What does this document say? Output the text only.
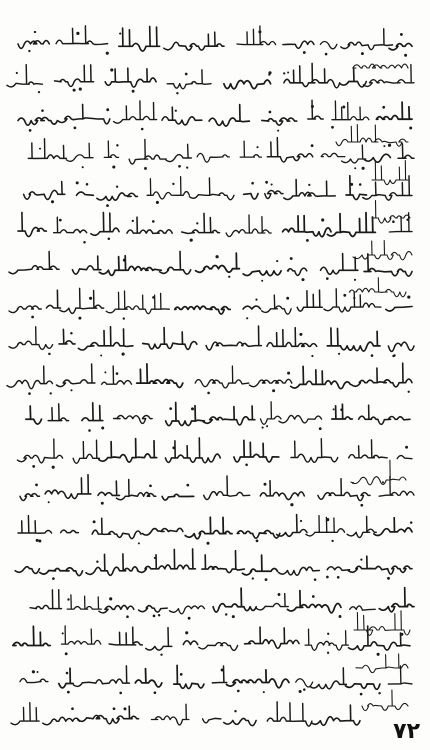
۷۲
